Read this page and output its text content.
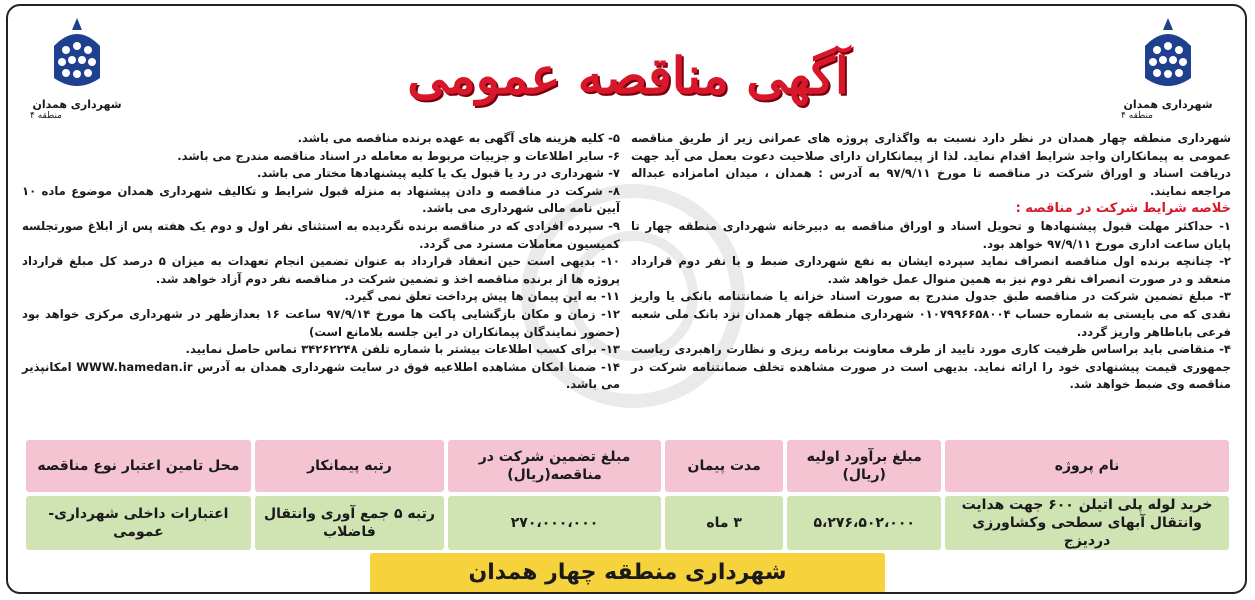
شهرداری همدان
منطقه ۴
شهرداری همدان
منطقه ۴
آگهی مناقصه عمومی

شهرداری منطقه چهار همدان در نظر دارد نسبت به واگذاری پروژه های عمرانی زیر از طریق مناقصه عمومی به پیمانکاران واجد شرایط اقدام نماید. لذا از پیمانکاران دارای صلاحیت دعوت بعمل می آید جهت دریافت اسناد و اوراق شرکت در مناقصه تا مورخ ۹۷/۹/۱۱ به آدرس : همدان ، میدان امامزاده عبداله مراجعه نمایند.

خلاصه شرایط شرکت در مناقصه :

۱- حداکثر مهلت قبول پیشنهادها و تحویل اسناد و اوراق مناقصه به دبیرخانه شهرداری منطقه چهار تا پایان ساعت اداری مورخ ۹۷/۹/۱۱ خواهد بود.

۲- چنانچه برنده اول مناقصه انصراف نماید سپرده ایشان به نفع شهرداری ضبط و با نفر دوم قرارداد منعقد و در صورت انصراف نفر دوم نیز به همین منوال عمل خواهد شد.

۳- مبلغ تضمین شرکت در مناقصه طبق جدول مندرج به صورت اسناد خزانه یا ضمانتنامه بانکی یا واریز نقدی که می بایستی به شماره حساب ۰۱۰۷۹۹۶۶۵۸۰۰۴ شهرداری منطقه چهار همدان نزد بانک ملی شعبه فرعی باباطاهر واریز گردد.

۴- متقاضی باید براساس ظرفیت کاری مورد تایید از طرف معاونت برنامه ریزی و نظارت راهبردی ریاست جمهوری قیمت پیشنهادی خود را ارائه نماید. بدیهی است در صورت مشاهده تخلف ضمانتنامه شرکت در مناقصه وی ضبط خواهد شد.

۵- کلیه هزینه های آگهی به عهده برنده مناقصه می باشد.

۶- سایر اطلاعات و جزییات مربوط به معامله در اسناد مناقصه مندرج می باشد.

۷- شهرداری در رد یا قبول یک یا کلیه پیشنهادها مختار می باشد.

۸- شرکت در مناقصه و دادن پیشنهاد به منزله قبول شرایط و تکالیف شهرداری همدان موضوع ماده ۱۰ آیین نامه مالی شهرداری می باشد.

۹- سپرده افرادی که در مناقصه برنده نگردیده به استثنای نفر اول و دوم یک هفته پس از ابلاغ صورتجلسه کمیسیون معاملات مسترد می گردد.

۱۰- بدیهی است حین انعقاد قرارداد به عنوان تضمین انجام تعهدات به میزان ۵ درصد کل مبلغ قرارداد پروژه ها از برنده مناقصه اخذ و تضمین شرکت در مناقصه نفر دوم آزاد خواهد شد.

۱۱- به این پیمان ها پیش پرداخت تعلق نمی گیرد.

۱۲- زمان و مکان بازگشایی پاکت ها مورخ ۹۷/۹/۱۴ ساعت ۱۶ بعدازظهر در شهرداری مرکزی خواهد بود (حضور نمایندگان پیمانکاران در این جلسه بلامانع است)

۱۳- برای کسب اطلاعات بیشتر با شماره تلفن ۳۴۲۶۲۲۴۸ تماس حاصل نمایید.

۱۴- ضمنا امکان مشاهده اطلاعیه فوق در سایت شهرداری همدان به آدرس WWW.hamedan.ir امکانپذیر می باشد.

نام پروژه	مبلغ برآورد اولیه (ریال)	مدت پیمان	مبلغ تضمین شرکت در مناقصه(ریال)	رتبه پیمانکار	محل تامین اعتبار نوع مناقصه
خرید لوله پلی اتیلن ۶۰۰ جهت هدایت وانتقال آبهای سطحی وکشاورزی دردیزج	۵،۲۷۶،۵۰۲،۰۰۰	۳ ماه	۲۷۰،۰۰۰،۰۰۰	رتبه ۵ جمع آوری وانتقال فاضلاب	اعتبارات داخلی شهرداری- عمومی
شهرداری منطقه چهار همدان
